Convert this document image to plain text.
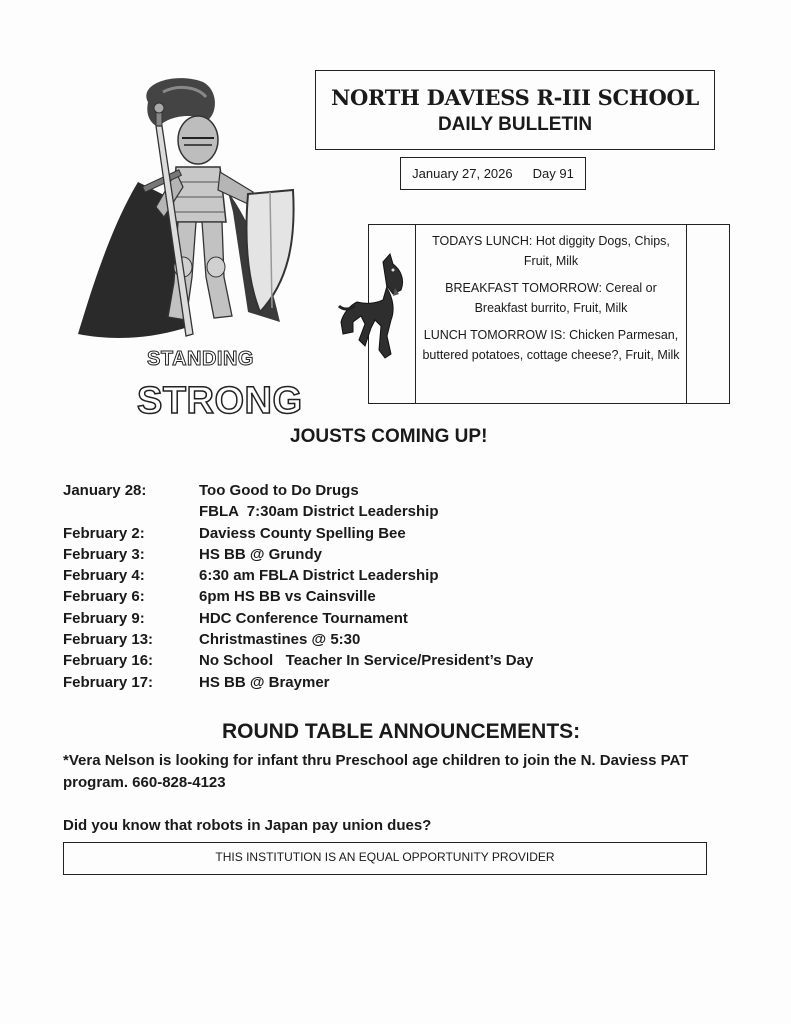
NORTH DAVIESS R-III SCHOOL
DAILY BULLETIN
January 27, 2026 Day 91

TODAYS LUNCH: Hot diggity Dogs, Chips, Fruit, Milk

BREAKFAST TOMORROW: Cereal or Breakfast burrito, Fruit, Milk

LUNCH TOMORROW IS: Chicken Parmesan, buttered potatoes, cottage cheese?, Fruit, Milk

STANDING
STRONG
JOUSTS COMING UP!
January 28:	Too Good to Do Drugs
FBLA  7:30am District Leadership
February 2:	Daviess County Spelling Bee
February 3:	HS BB @ Grundy
February 4:	6:30 am FBLA District Leadership
February 6:	6pm HS BB vs Cainsville
February 9:	HDC Conference Tournament
February 13:	Christmastines @ 5:30
February 16:	No School   Teacher In Service/President’s Day
February 17:	HS BB @ Braymer
ROUND TABLE ANNOUNCEMENTS:
*Vera Nelson is looking for infant thru Preschool age children to join the N. Daviess PAT program. 660-828-4123
Did you know that robots in Japan pay union dues?
THIS INSTITUTION IS AN EQUAL OPPORTUNITY PROVIDER
